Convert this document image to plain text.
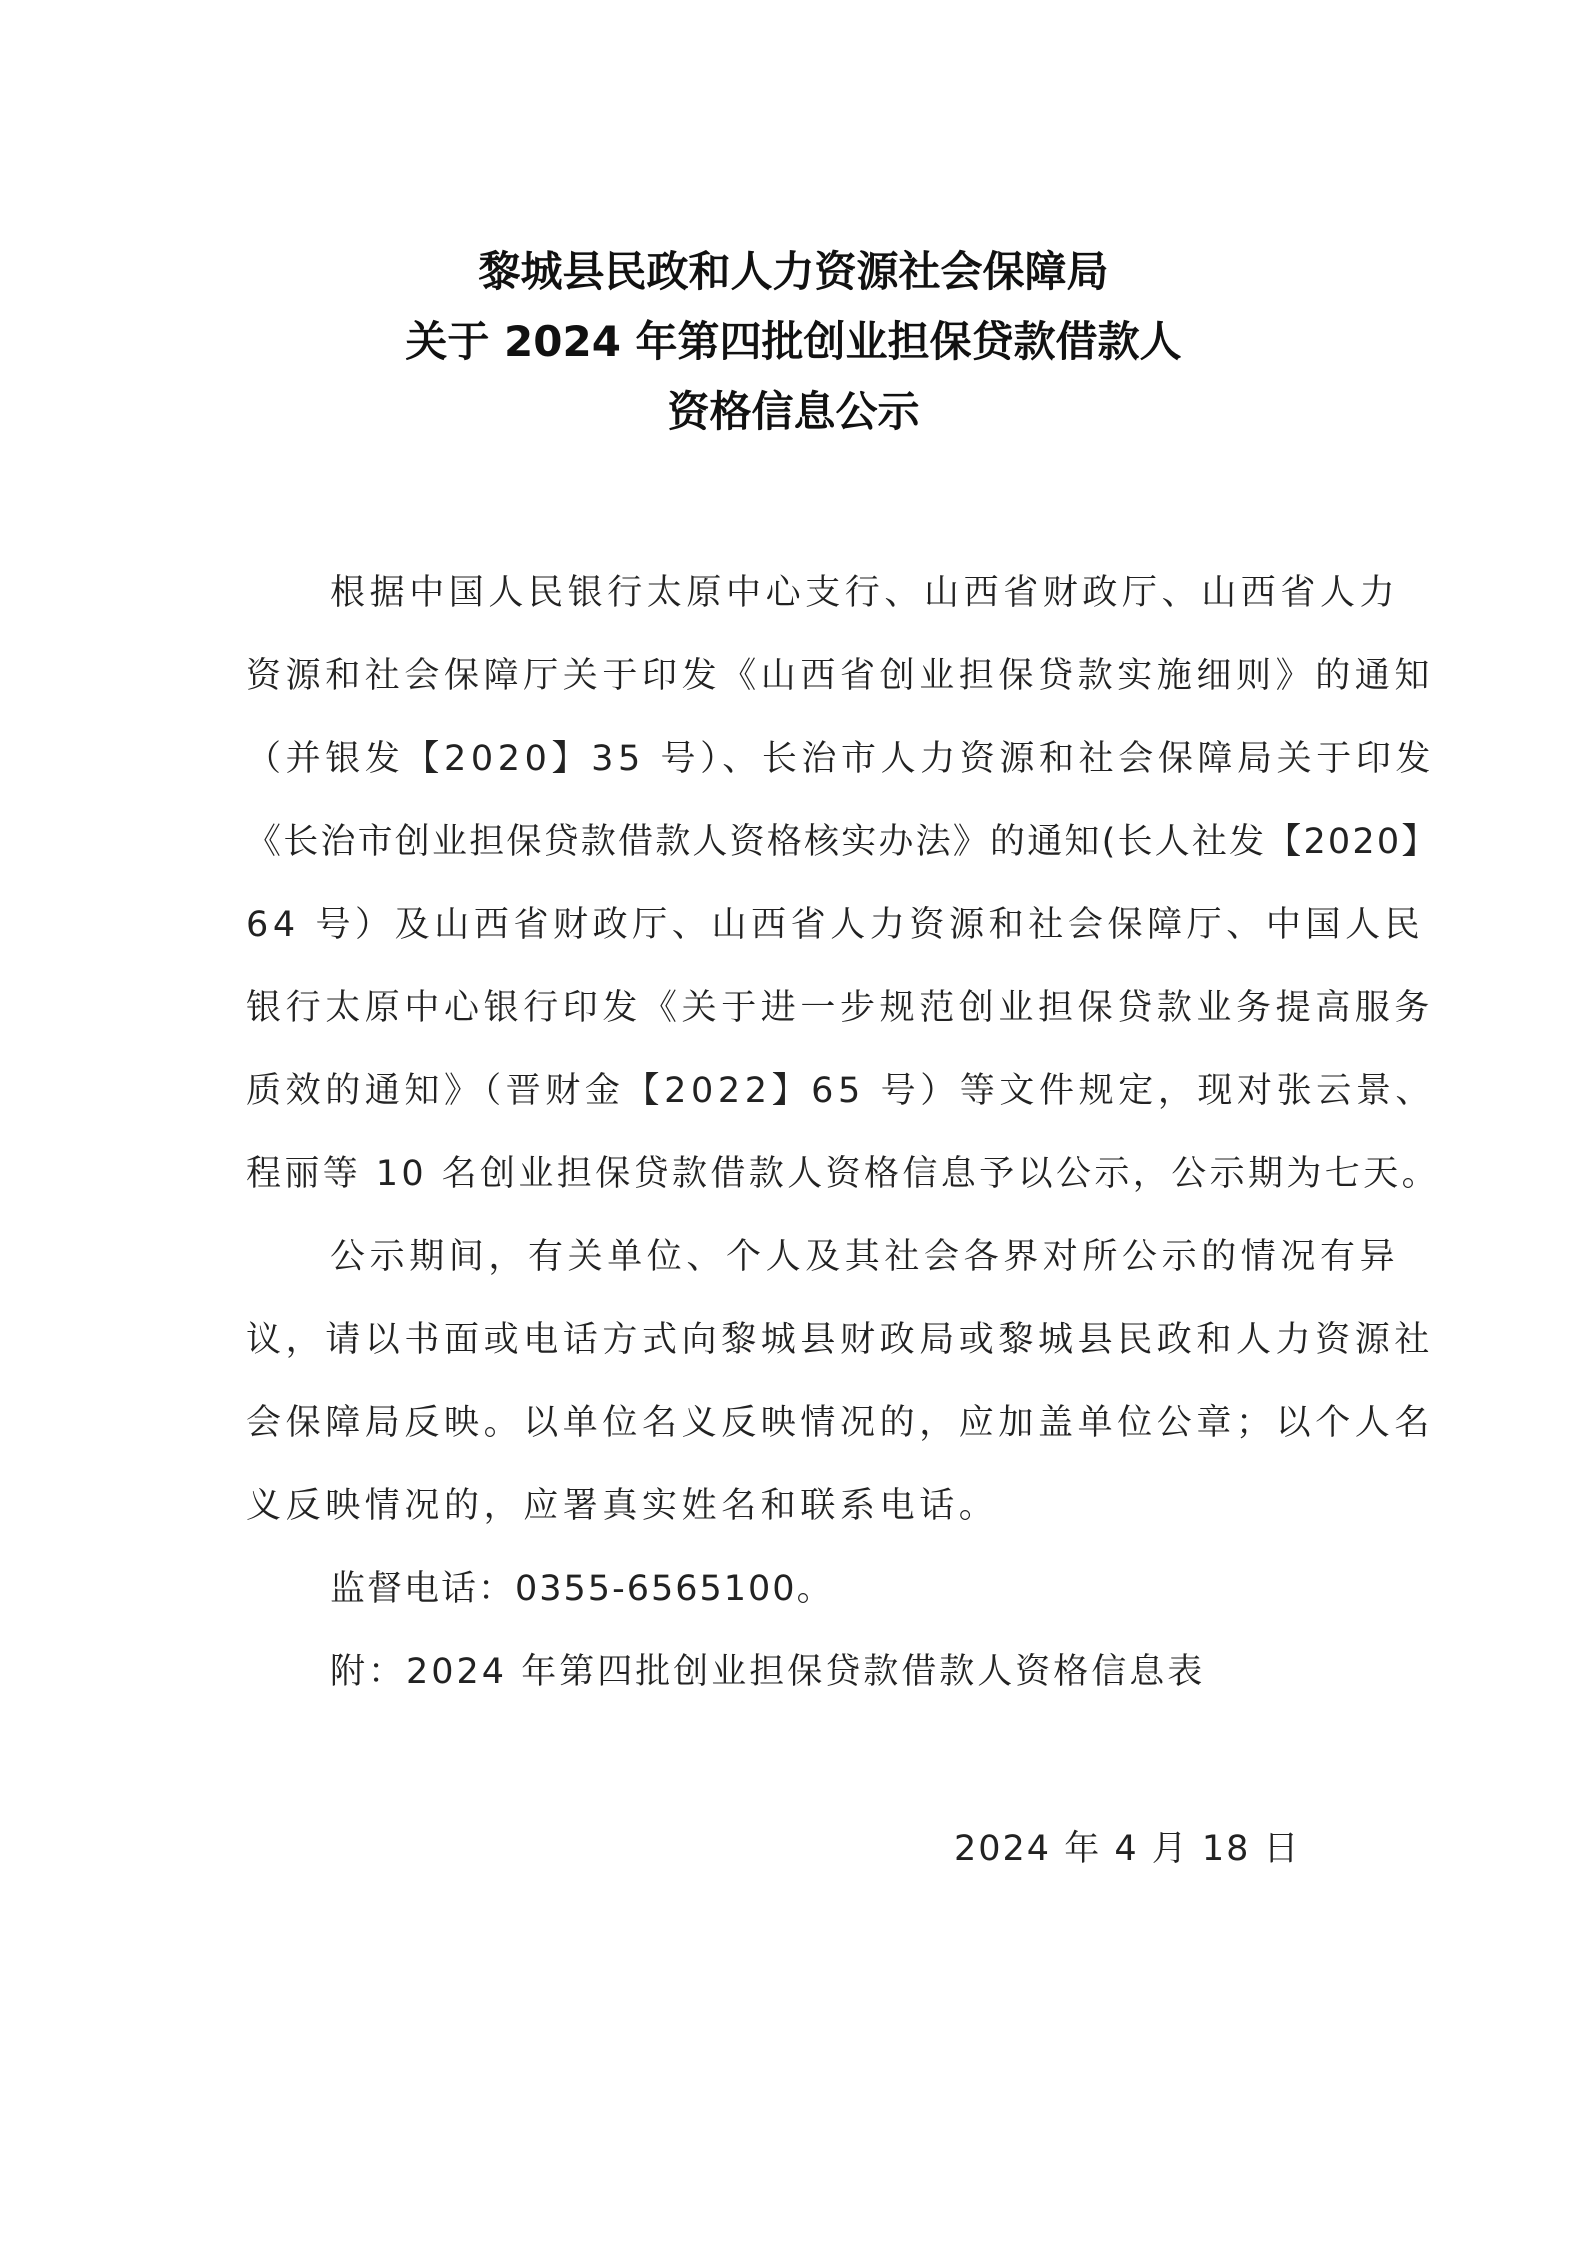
黎城县民政和人力资源社会保障局
关于 2024 年第四批创业担保贷款借款人
资格信息公示

根据中国人民银行太原中心支行、山西省财政厅、山西省人力

资源和社会保障厅关于印发《山西省创业担保贷款实施细则》的通知

（并银发【2020】35 号）、长治市人力资源和社会保障局关于印发

《长治市创业担保贷款借款人资格核实办法》的通知(长人社发【2020】

64 号）及山西省财政厅、山西省人力资源和社会保障厅、中国人民

银行太原中心银行印发《关于进一步规范创业担保贷款业务提高服务

质效的通知》（晋财金【2022】65 号）等文件规定，现对张云景、

程丽等 10 名创业担保贷款借款人资格信息予以公示，公示期为七天。

公示期间，有关单位、个人及其社会各界对所公示的情况有异

议，请以书面或电话方式向黎城县财政局或黎城县民政和人力资源社

会保障局反映。以单位名义反映情况的，应加盖单位公章；以个人名

义反映情况的，应署真实姓名和联系电话。

监督电话：0355-6565100。

附：2024 年第四批创业担保贷款借款人资格信息表

2024 年 4 月 18 日
